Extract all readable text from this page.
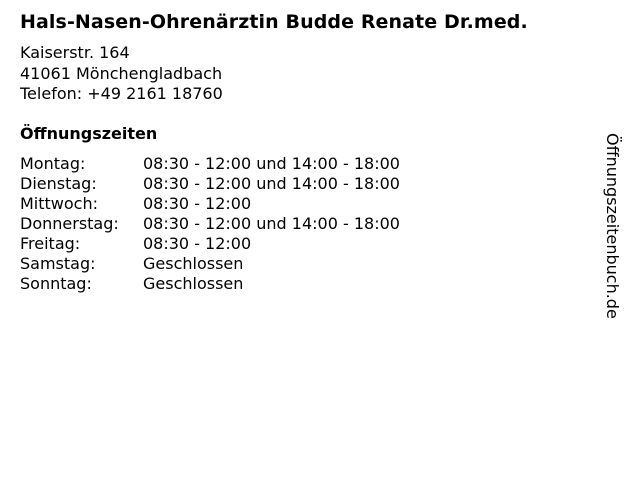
Hals-Nasen-Ohrenärztin Budde Renate Dr.med.
Kaiserstr. 164
41061 Mönchengladbach
Telefon: +49 2161 18760
Öffnungszeiten
Montag:	08:30 - 12:00 und 14:00 - 18:00
Dienstag:	08:30 - 12:00 und 14:00 - 18:00
Mittwoch:	08:30 - 12:00
Donnerstag:	08:30 - 12:00 und 14:00 - 18:00
Freitag:	08:30 - 12:00
Samstag:	Geschlossen
Sonntag:	Geschlossen	Öffnungszeitenbuch.de
